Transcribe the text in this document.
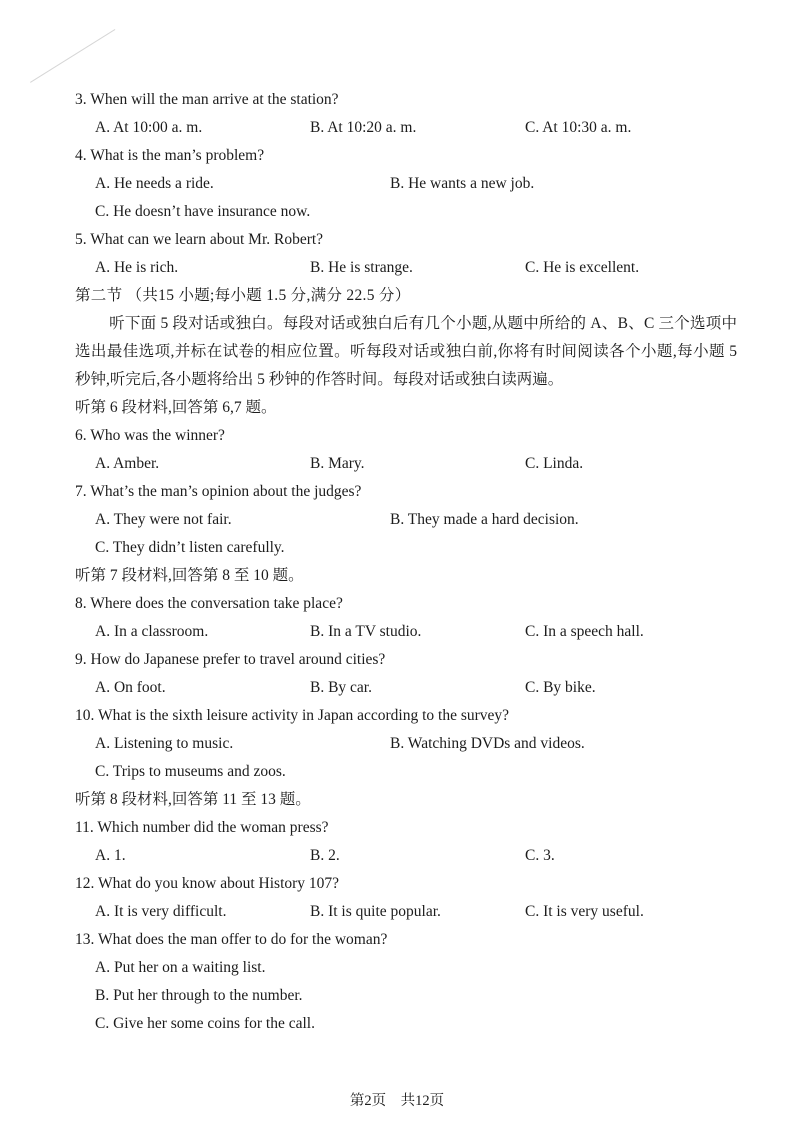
3. When will the man arrive at the station?
A. At 10:00 a. m.	B. At 10:20 a. m.	C. At 10:30 a. m.
4. What is the man’s problem?
A. He needs a ride.	B. He wants a new job.
C. He doesn’t have insurance now.
5. What can we learn about Mr. Robert?
A. He is rich.	B. He is strange.	C. He is excellent.
第二节 （共15 小题;每小题 1.5 分,满分 22.5 分）
听下面 5 段对话或独白。每段对话或独白后有几个小题,从题中所给的 A、B、C 三个选项中选出最佳选项,并标在试卷的相应位置。听每段对话或独白前,你将有时间阅读各个小题,每小题 5 秒钟,听完后,各小题将给出 5 秒钟的作答时间。每段对话或独白读两遍。
听第 6 段材料,回答第 6,7 题。
6. Who was the winner?
A. Amber.	B. Mary.	C. Linda.
7. What’s the man’s opinion about the judges?
A. They were not fair.	B. They made a hard decision.
C. They didn’t listen carefully.
听第 7 段材料,回答第 8 至 10 题。
8. Where does the conversation take place?
A. In a classroom.	B. In a TV studio.	C. In a speech hall.
9. How do Japanese prefer to travel around cities?
A. On foot.	B. By car.	C. By bike.
10. What is the sixth leisure activity in Japan according to the survey?
A. Listening to music.	B. Watching DVDs and videos.
C. Trips to museums and zoos.
听第 8 段材料,回答第 11 至 13 题。
11. Which number did the woman press?
A. 1.	B. 2.	C. 3.
12. What do you know about History 107?
A. It is very difficult.	B. It is quite popular.	C. It is very useful.
13. What does the man offer to do for the woman?
A. Put her on a waiting list.
B. Put her through to the number.
C. Give her some coins for the call.
第2页　共12页
